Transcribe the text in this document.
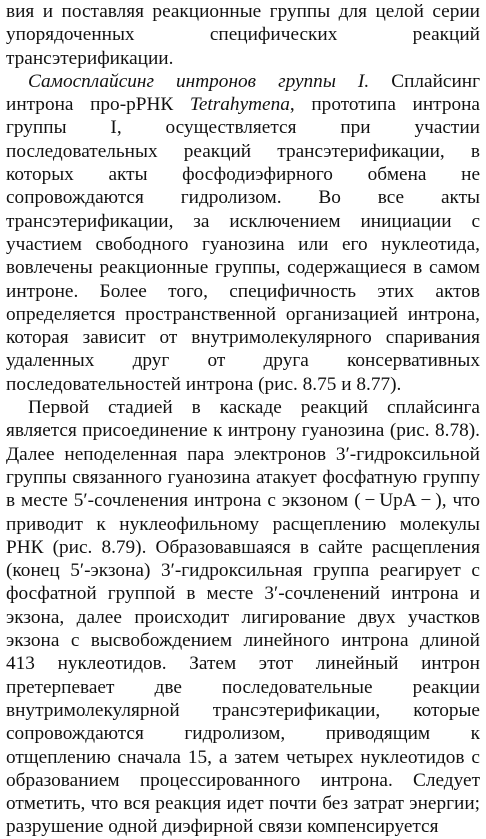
вия и поставляя реакционные группы для целой серии упорядоченных специфических реакций трансэтерификации.

Самосплайсинг интронов группы I. Сплайсинг интрона про-рРНК Tetrahymena, прототипа интрона группы I, осуществляется при участии последовательных реакций трансэтерификации, в которых акты фосфодиэфирного обмена не сопровождаются гидролизом. Во все акты трансэтерификации, за исключением инициации с участием свободного гуанозина или его нуклеотида, вовлечены реакционные группы, содержащиеся в самом интроне. Более того, специфичность этих актов определяется пространственной организацией интрона, которая зависит от внутримолекулярного спаривания удаленных друг от друга консервативных последовательностей интрона (рис. 8.75 и 8.77).

Первой стадией в каскаде реакций сплайсинга является присоединение к интрону гуанозина (рис. 8.78). Далее неподеленная пара электронов 3′-гидроксильной группы связанного гуанозина атакует фосфатную группу в месте 5′-сочленения интрона с экзоном ( − UpA − ), что приводит к нуклеофильному расщеплению молекулы РНК (рис. 8.79). Образовавшаяся в сайте расщепления (конец 5′-экзона) 3′-гидроксильная группа реагирует с фосфатной группой в месте 3′-сочленений интрона и экзона, далее происходит лигирование двух участков экзона с высвобождением линейного интрона длиной 413 нуклеотидов. Затем этот линейный интрон претерпевает две последовательные реакции внутримолекулярной трансэтерификации, которые сопровождаются гидролизом, приводящим к отщеплению сначала 15, а затем четырех нуклеотидов с образованием процессированного интрона. Следует отметить, что вся реакция идет почти без затрат энергии; разрушение одной диэфирной связи компенсируется
